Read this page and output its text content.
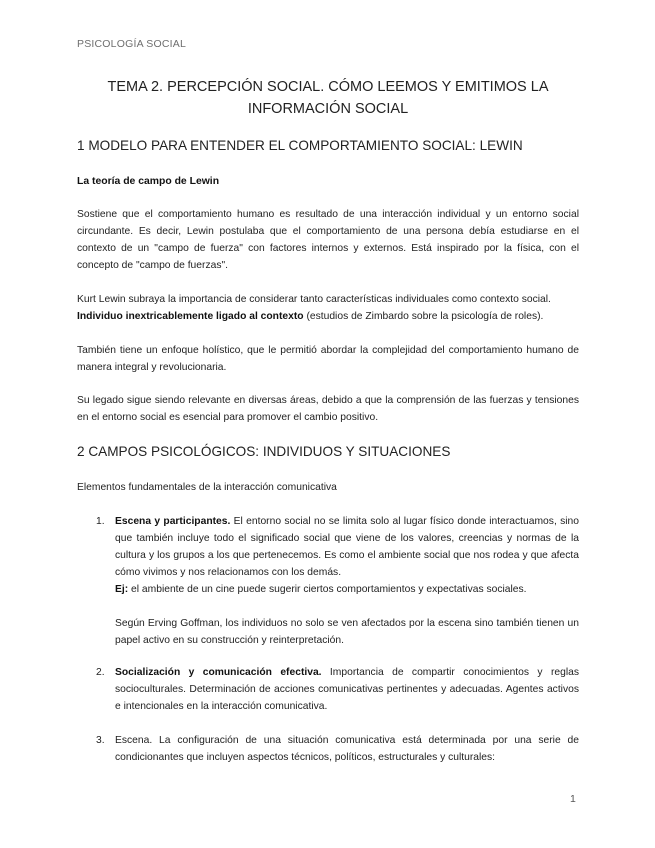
PSICOLOGÍA SOCIAL
TEMA 2. PERCEPCIÓN SOCIAL. CÓMO LEEMOS Y EMITIMOS LA INFORMACIÓN SOCIAL
1 MODELO PARA ENTENDER EL COMPORTAMIENTO SOCIAL: LEWIN
La teoría de campo de Lewin
Sostiene que el comportamiento humano es resultado de una interacción individual y un entorno social circundante. Es decir, Lewin postulaba que el comportamiento de una persona debía estudiarse en el contexto de un "campo de fuerza" con factores internos y externos. Está inspirado por la física, con el concepto de "campo de fuerzas".
Kurt Lewin subraya la importancia de considerar tanto características individuales como contexto social.
Individuo inextricablemente ligado al contexto (estudios de Zimbardo sobre la psicología de roles).
También tiene un enfoque holístico, que le permitió abordar la complejidad del comportamiento humano de manera integral y revolucionaria.
Su legado sigue siendo relevante en diversas áreas, debido a que la comprensión de las fuerzas y tensiones en el entorno social es esencial para promover el cambio positivo.
2 CAMPOS PSICOLÓGICOS: INDIVIDUOS Y SITUACIONES
Elementos fundamentales de la interacción comunicativa
1. Escena y participantes. El entorno social no se limita solo al lugar físico donde interactuamos, sino que también incluye todo el significado social que viene de los valores, creencias y normas de la cultura y los grupos a los que pertenecemos. Es como el ambiente social que nos rodea y que afecta cómo vivimos y nos relacionamos con los demás.
Ej: el ambiente de un cine puede sugerir ciertos comportamientos y expectativas sociales.
Según Erving Goffman, los individuos no solo se ven afectados por la escena sino también tienen un papel activo en su construcción y reinterpretación.
2. Socialización y comunicación efectiva. Importancia de compartir conocimientos y reglas socioculturales. Determinación de acciones comunicativas pertinentes y adecuadas. Agentes activos e intencionales en la interacción comunicativa.
3. Escena. La configuración de una situación comunicativa está determinada por una serie de condicionantes que incluyen aspectos técnicos, políticos, estructurales y culturales:
1
